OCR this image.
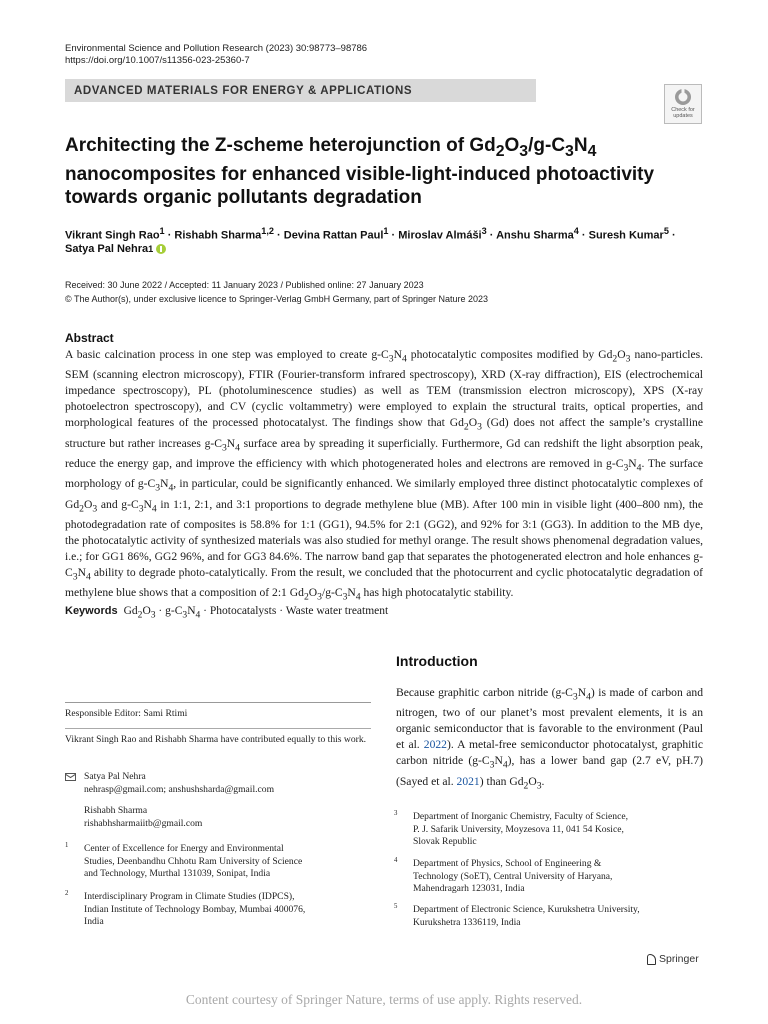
Environmental Science and Pollution Research (2023) 30:98773–98786
https://doi.org/10.1007/s11356-023-25360-7
ADVANCED MATERIALS FOR ENERGY & APPLICATIONS
Check for
updates
Architecting the Z-scheme heterojunction of $Gd_2O_3/g-C_3N_4$
nanocomposites for enhanced visible-light-induced photoactivity
towards organic pollutants degradation
Vikrant Singh Rao$^1$ · Rishabh Sharma$^{1,2}$ · Devina Rattan Paul$^1$ · Miroslav Almáši$^3$ · Anshu Sharma$^4$ · Suresh Kumar$^5$ ·
Satya Pal Nehra 1
Received: 30 June 2022 / Accepted: 11 January 2023 / Published online: 27 January 2023
© The Author(s), under exclusive licence to Springer-Verlag GmbH Germany, part of Springer Nature 2023
Abstract
A basic calcination process in one step was employed to create $g-C_3N_4$ photocatalytic composites modified by $Gd_2O_3$ nano-particles. SEM (scanning electron microscopy), FTIR (Fourier-transform infrared spectroscopy), XRD (X-ray diffraction), EIS (electrochemical impedance spectroscopy), PL (photoluminescence studies) as well as TEM (transmission electron microscopy), XPS (X-ray photoelectron spectroscopy), and CV (cyclic voltammetry) were employed to explain the structural traits, optical properties, and morphological features of the processed photocatalyst. The findings show that $Gd_2O_3$ (Gd) does not affect the sample’s crystalline structure but rather increases $g-C_3N_4$ surface area by spreading it superficially. Furthermore, Gd can redshift the light absorption peak, reduce the energy gap, and improve the efficiency with which photogenerated holes and electrons are removed in $g-C_3N_4$. The surface morphology of $g-C_3N_4$, in particular, could be significantly enhanced. We similarly employed three distinct photocatalytic complexes of $Gd_2O_3$ and $g-C_3N_4$ in 1:1, 2:1, and 3:1 proportions to degrade methylene blue (MB). After 100 min in visible light (400–800 nm), the photodegradation rate of composites is 58.8% for 1:1 (GG1), 94.5% for 2:1 (GG2), and 92% for 3:1 (GG3). In addition to the MB dye, the photocatalytic activity of synthesized materials was also studied for methyl orange. The result shows phenomenal degradation values, i.e.; for GG1 86%, GG2 96%, and for GG3 84.6%. The narrow band gap that separates the photogenerated electron and hole enhances $g-C_3N_4$ ability to degrade photo-catalytically. From the result, we concluded that the photocurrent and cyclic photocatalytic degradation of methylene blue shows that a composition of 2:1 $Gd_2O_3/g-C_3N_4$ has high photocatalytic stability.
Keywords $Gd_2O_3 \cdot g-C_3N_4$ · Photocatalysts · Waste water treatment
Responsible Editor: Sami Rtimi
Vikrant Singh Rao and Rishabh Sharma have contributed equally to this work.
Satya Pal Nehra
nehrasp@gmail.com; anshushsharda@gmail.com
Rishabh Sharma
rishabhsharmaiitb@gmail.com
1 Center of Excellence for Energy and Environmental
Studies, Deenbandhu Chhotu Ram University of Science
and Technology, Murthal 131039, Sonipat, India
2 Interdisciplinary Program in Climate Studies (IDPCS),
Indian Institute of Technology Bombay, Mumbai 400076,
India
Introduction
Because graphitic carbon nitride $(g-C_3N_4)$ is made of carbon and nitrogen, two of our planet’s most prevalent elements, it is an organic semiconductor that is favorable to the environment (Paul et al. 2022). A metal-free semiconductor photocatalyst, graphitic carbon nitride $(g-C_3N_4)$, has a lower band gap (2.7 eV, pH.7) (Sayed et al. 2021) than $Gd_2O_3$.
3 Department of Inorganic Chemistry, Faculty of Science,
P. J. Safarik University, Moyzesova 11, 041 54 Kosice,
Slovak Republic
4 Department of Physics, School of Engineering &
Technology (SoET), Central University of Haryana,
Mahendragarh 123031, India
5 Department of Electronic Science, Kurukshetra University,
Kurukshetra 1336119, India
Springer
Content courtesy of Springer Nature, terms of use apply. Rights reserved.
